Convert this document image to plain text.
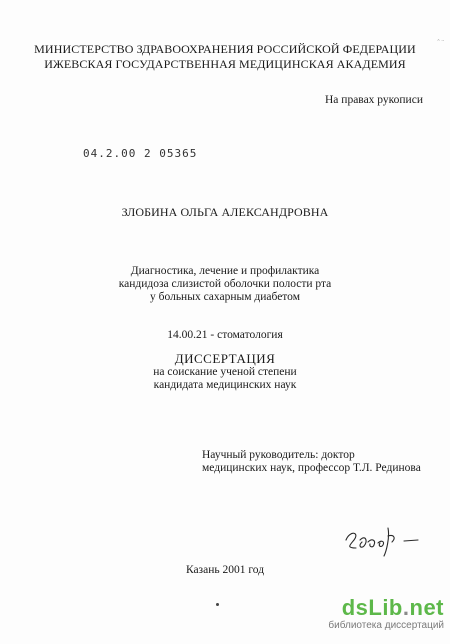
МИНИСТЕРСТВО ЗДРАВООХРАНЕНИЯ РОССИЙСКОЙ ФЕДЕРАЦИИ
ИЖЕВСКАЯ ГОСУДАРСТВЕННАЯ МЕДИЦИНСКАЯ АКАДЕМИЯ
ˆ ¨
На правах рукописи
04.2.00 2 05365
ЗЛОБИНА ОЛЬГА АЛЕКСАНДРОВНА
Диагностика, лечение и профилактика
кандидоза слизистой оболочки полости рта
у больных сахарным диабетом
14.00.21 - стоматология
ДИССЕРТАЦИЯ
на соискание ученой степени
кандидата медицинских наук
Научный руководитель: доктор
медицинских наук, профессор Т.Л. Рединова
Казань 2001 год
dsLib.net
библиотека диссертаций
